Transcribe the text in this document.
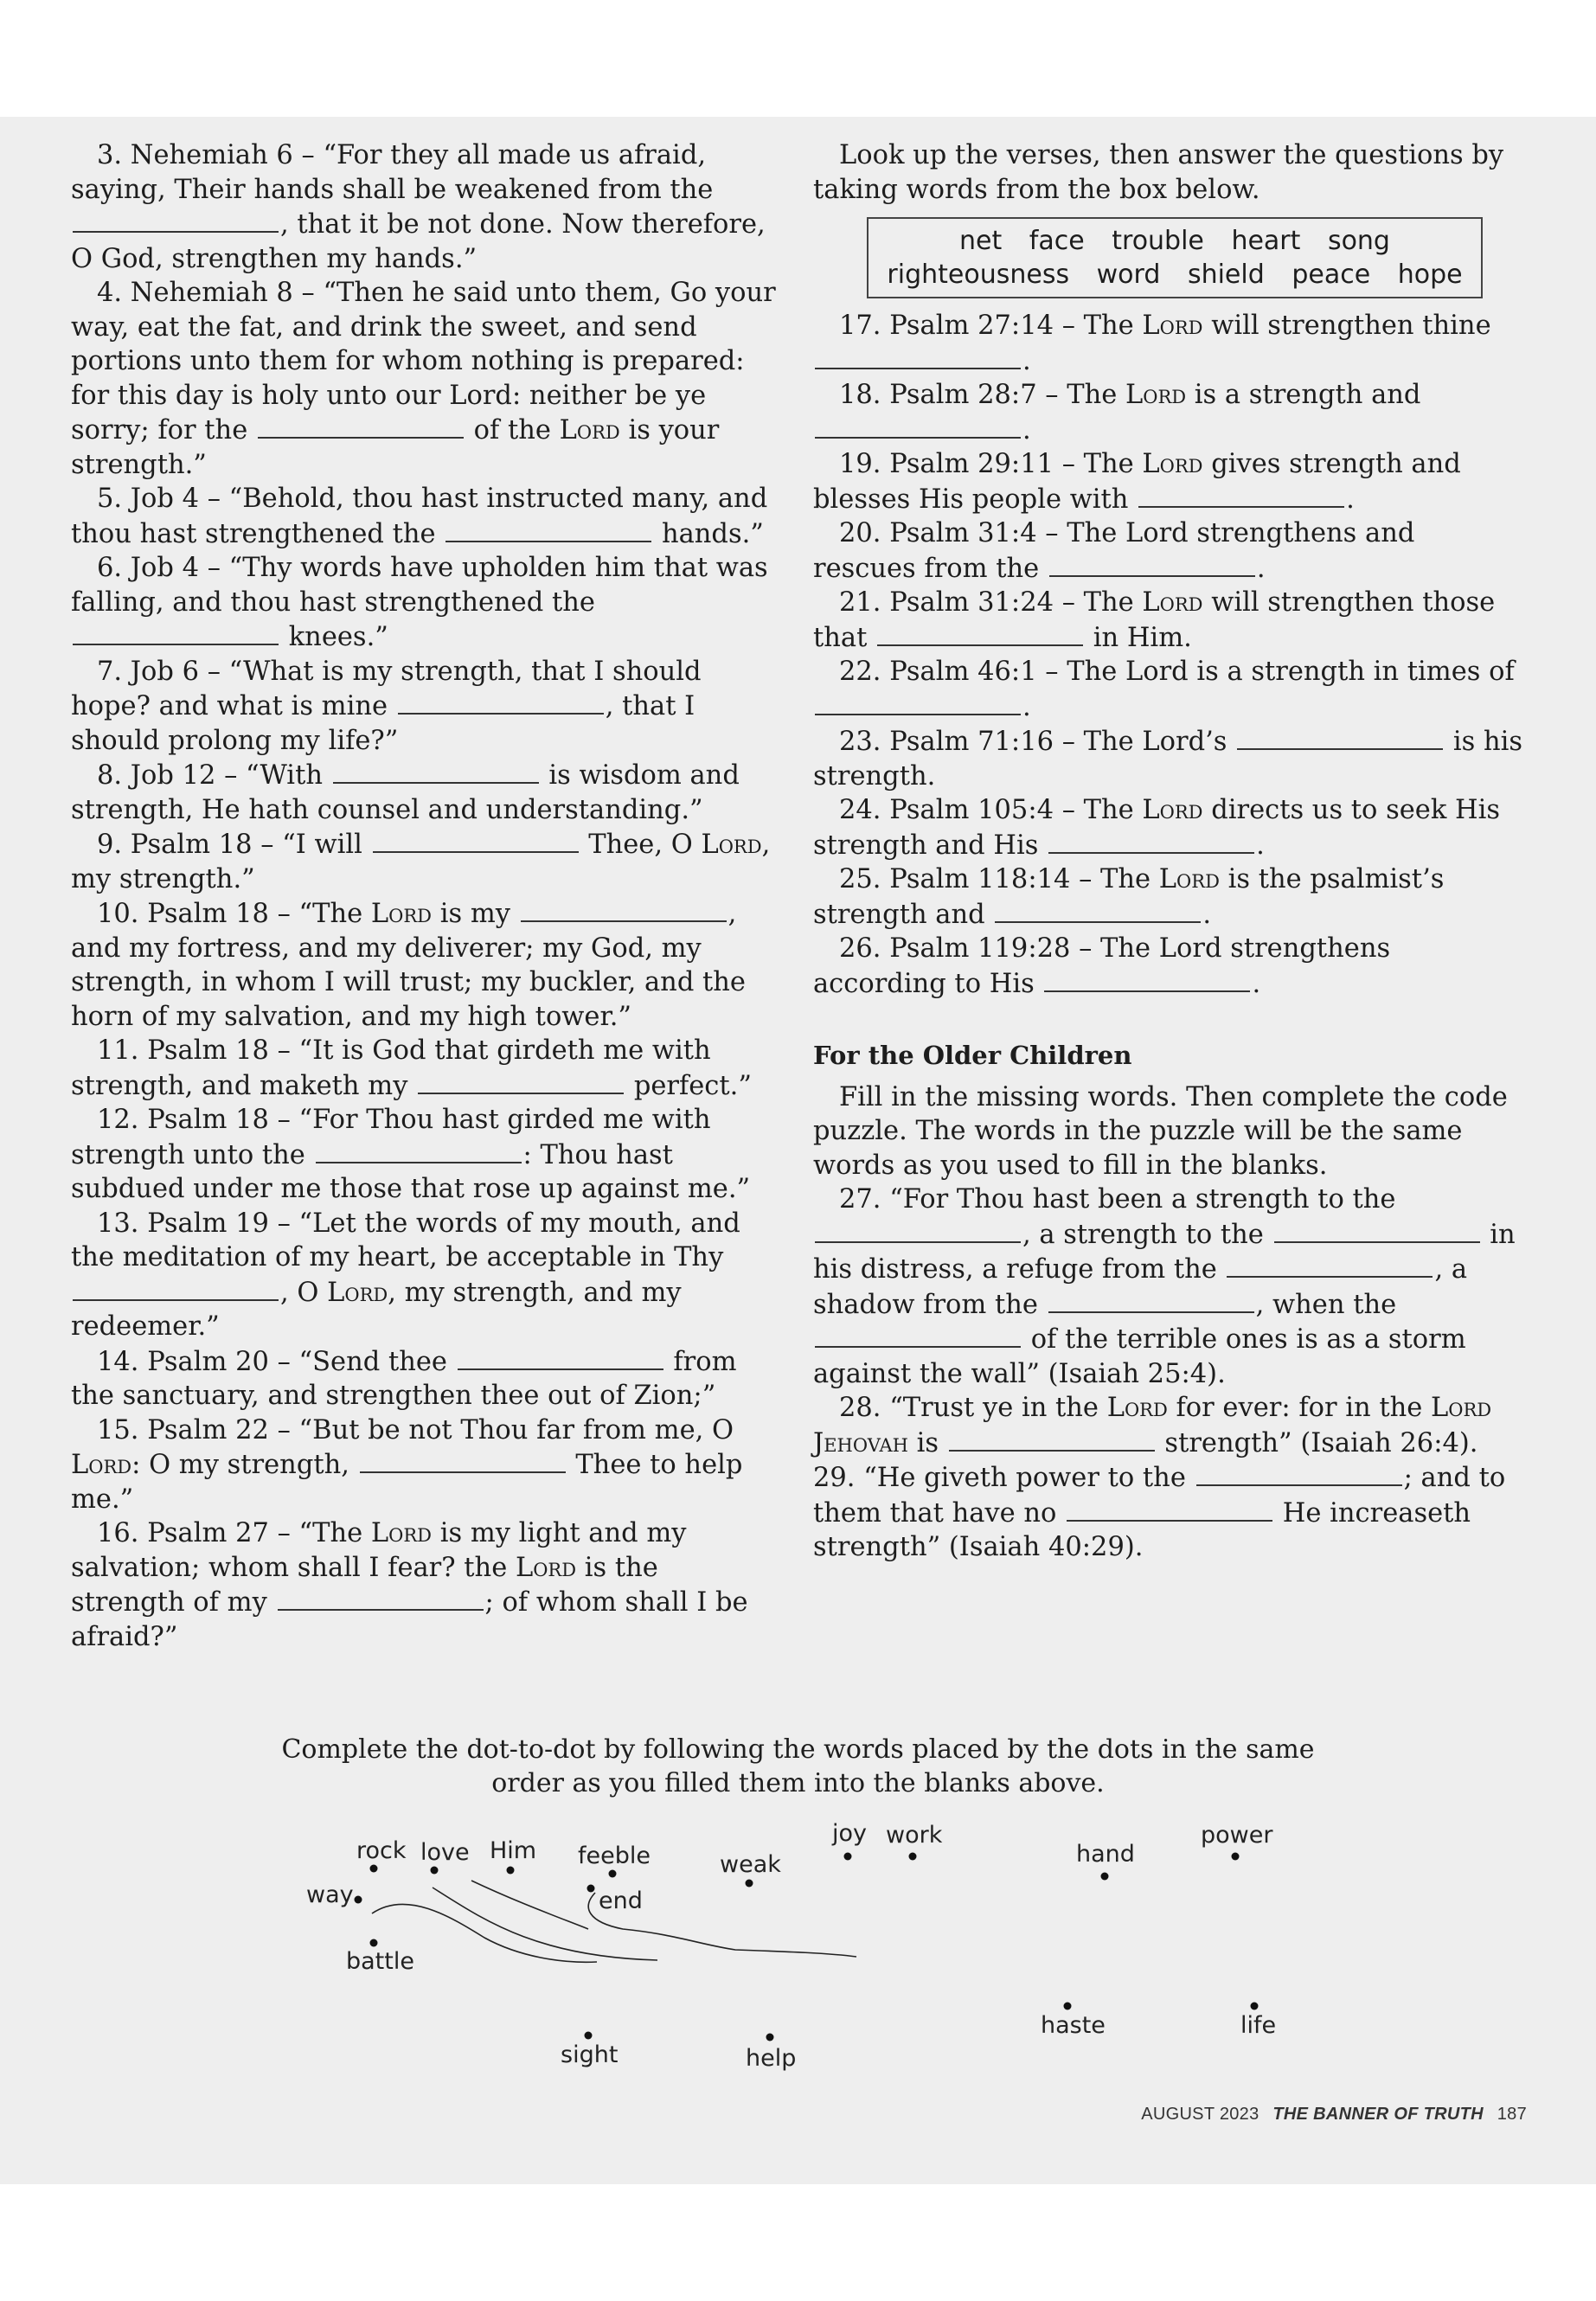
3. Nehemiah 6 – “For they all made us afraid, saying, Their hands shall be weakened from the , that it be not done. Now therefore, O God, strengthen my hands.”

4. Nehemiah 8 – “Then he said unto them, Go your way, eat the fat, and drink the sweet, and send portions unto them for whom nothing is prepared: for this day is holy unto our Lord: neither be ye sorry; for the	of the Lord is your strength.”

5. Job 4 – “Behold, thou hast instructed many, and thou hast strengthened the	hands.”

6. Job 4 – “Thy words have upholden him that was falling, and thou hast strengthened the  knees.”

7. Job 6 – “What is my strength, that I should hope? and what is mine	, that I should prolong my life?”

8. Job 12 – “With	is wisdom and strength, He hath counsel and understanding.”

9. Psalm 18 – “I will	Thee, O Lord, my strength.”

10. Psalm 18 – “The Lord is my	, and my fortress, and my deliverer; my God, my strength, in whom I will trust; my buckler, and the horn of my salvation, and my high tower.”

11. Psalm 18 – “It is God that girdeth me with strength, and maketh my	perfect.”

12. Psalm 18 – “For Thou hast girded me with strength unto the	: Thou hast subdued under me those that rose up against me.”

13. Psalm 19 – “Let the words of my mouth, and the meditation of my heart, be acceptable in Thy , O Lord, my strength, and my redeemer.”

14. Psalm 20 – “Send thee	from the sanctuary, and strengthen thee out of Zion;”

15. Psalm 22 – “But be not Thou far from me, O Lord: O my strength,	Thee to help me.”

16. Psalm 27 – “The Lord is my light and my salvation; whom shall I fear? the Lord is the strength of my	; of whom shall I be afraid?”

Look up the verses, then answer the questions by taking words from the box below.

net face trouble heart song
righteousness word shield peace hope

17. Psalm 27:14 – The Lord will strengthen thine .

18. Psalm 28:7 – The Lord is a strength and .

19. Psalm 29:11 – The Lord gives strength and blesses His people with	.

20. Psalm 31:4 – The Lord strengthens and rescues from the	.

21. Psalm 31:24 – The Lord will strengthen those that	in Him.

22. Psalm 46:1 – The Lord is a strength in times of .

23. Psalm 71:16 – The Lord’s	is his strength.

24. Psalm 105:4 – The Lord directs us to seek His strength and His	.

25. Psalm 118:14 – The Lord is the psalmist’s strength and	.

26. Psalm 119:28 – The Lord strengthens according to His	.

For the Older Children

Fill in the missing words. Then complete the code puzzle. The words in the puzzle will be the same words as you used to fill in the blanks.

27. “For Thou hast been a strength to the , a strength to the	in his distress, a refuge from the	, a shadow from the	, when the  of the terrible ones is as a storm against the wall” (Isaiah 25:4).

28. “Trust ye in the Lord for ever: for in the Lord Jehovah is	strength” (Isaiah 26:4).

29. “He giveth power to the	; and to them that have no	He increaseth strength” (Isaiah 40:29).

Complete the dot-to-dot by following the words placed by the dots in the same order as you filled them into the blanks above.
rock love Him feeble	weak
joy work
hand
power
way	end
battle
sight	help
haste	life
AUGUST 2023 THE BANNER OF TRUTH 187
